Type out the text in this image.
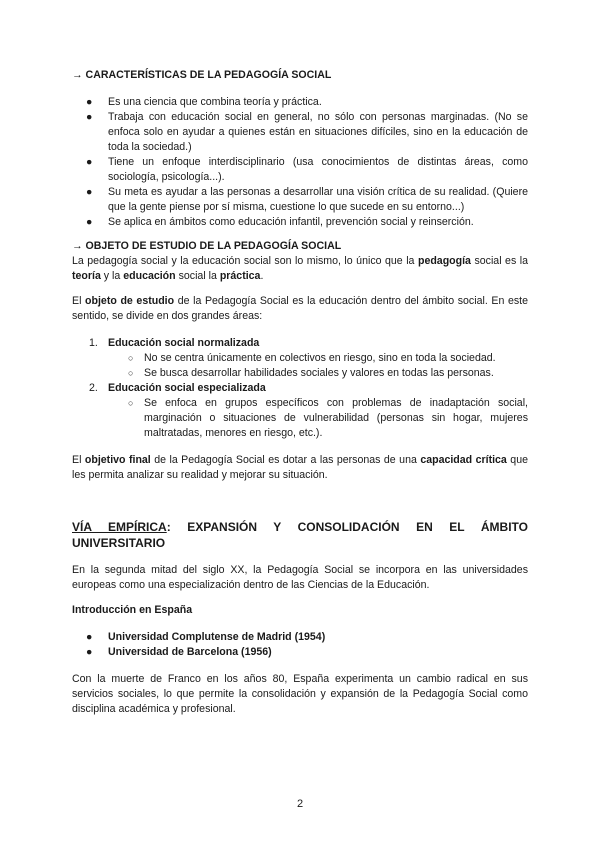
→ CARACTERÍSTICAS DE LA PEDAGOGÍA SOCIAL
● Es una ciencia que combina teoría y práctica.
● Trabaja con educación social en general, no sólo con personas marginadas. (No se enfoca solo en ayudar a quienes están en situaciones difíciles, sino en la educación de toda la sociedad.)
● Tiene un enfoque interdisciplinario (usa conocimientos de distintas áreas, como sociología, psicología...).
● Su meta es ayudar a las personas a desarrollar una visión crítica de su realidad. (Quiere que la gente piense por sí misma, cuestione lo que sucede en su entorno...)
● Se aplica en ámbitos como educación infantil, prevención social y reinserción.
→ OBJETO DE ESTUDIO DE LA PEDAGOGÍA SOCIAL

La pedagogía social y la educación social son lo mismo, lo único que la pedagogía social es la teoría y la educación social la práctica.

El objeto de estudio de la Pedagogía Social es la educación dentro del ámbito social. En este sentido, se divide en dos grandes áreas:

1. Educación social normalizada
○ No se centra únicamente en colectivos en riesgo, sino en toda la sociedad.
○ Se busca desarrollar habilidades sociales y valores en todas las personas.
2. Educación social especializada
○ Se enfoca en grupos específicos con problemas de inadaptación social, marginación o situaciones de vulnerabilidad (personas sin hogar, mujeres maltratadas, menores en riesgo, etc.).

El objetivo final de la Pedagogía Social es dotar a las personas de una capacidad crítica que les permita analizar su realidad y mejorar su situación.

VÍA EMPÍRICA: EXPANSIÓN Y CONSOLIDACIÓN EN EL ÁMBITO
UNIVERSITARIO

En la segunda mitad del siglo XX, la Pedagogía Social se incorpora en las universidades europeas como una especialización dentro de las Ciencias de la Educación.

Introducción en España
● Universidad Complutense de Madrid (1954)
● Universidad de Barcelona (1956)

Con la muerte de Franco en los años 80, España experimenta un cambio radical en sus servicios sociales, lo que permite la consolidación y expansión de la Pedagogía Social como disciplina académica y profesional.

2
